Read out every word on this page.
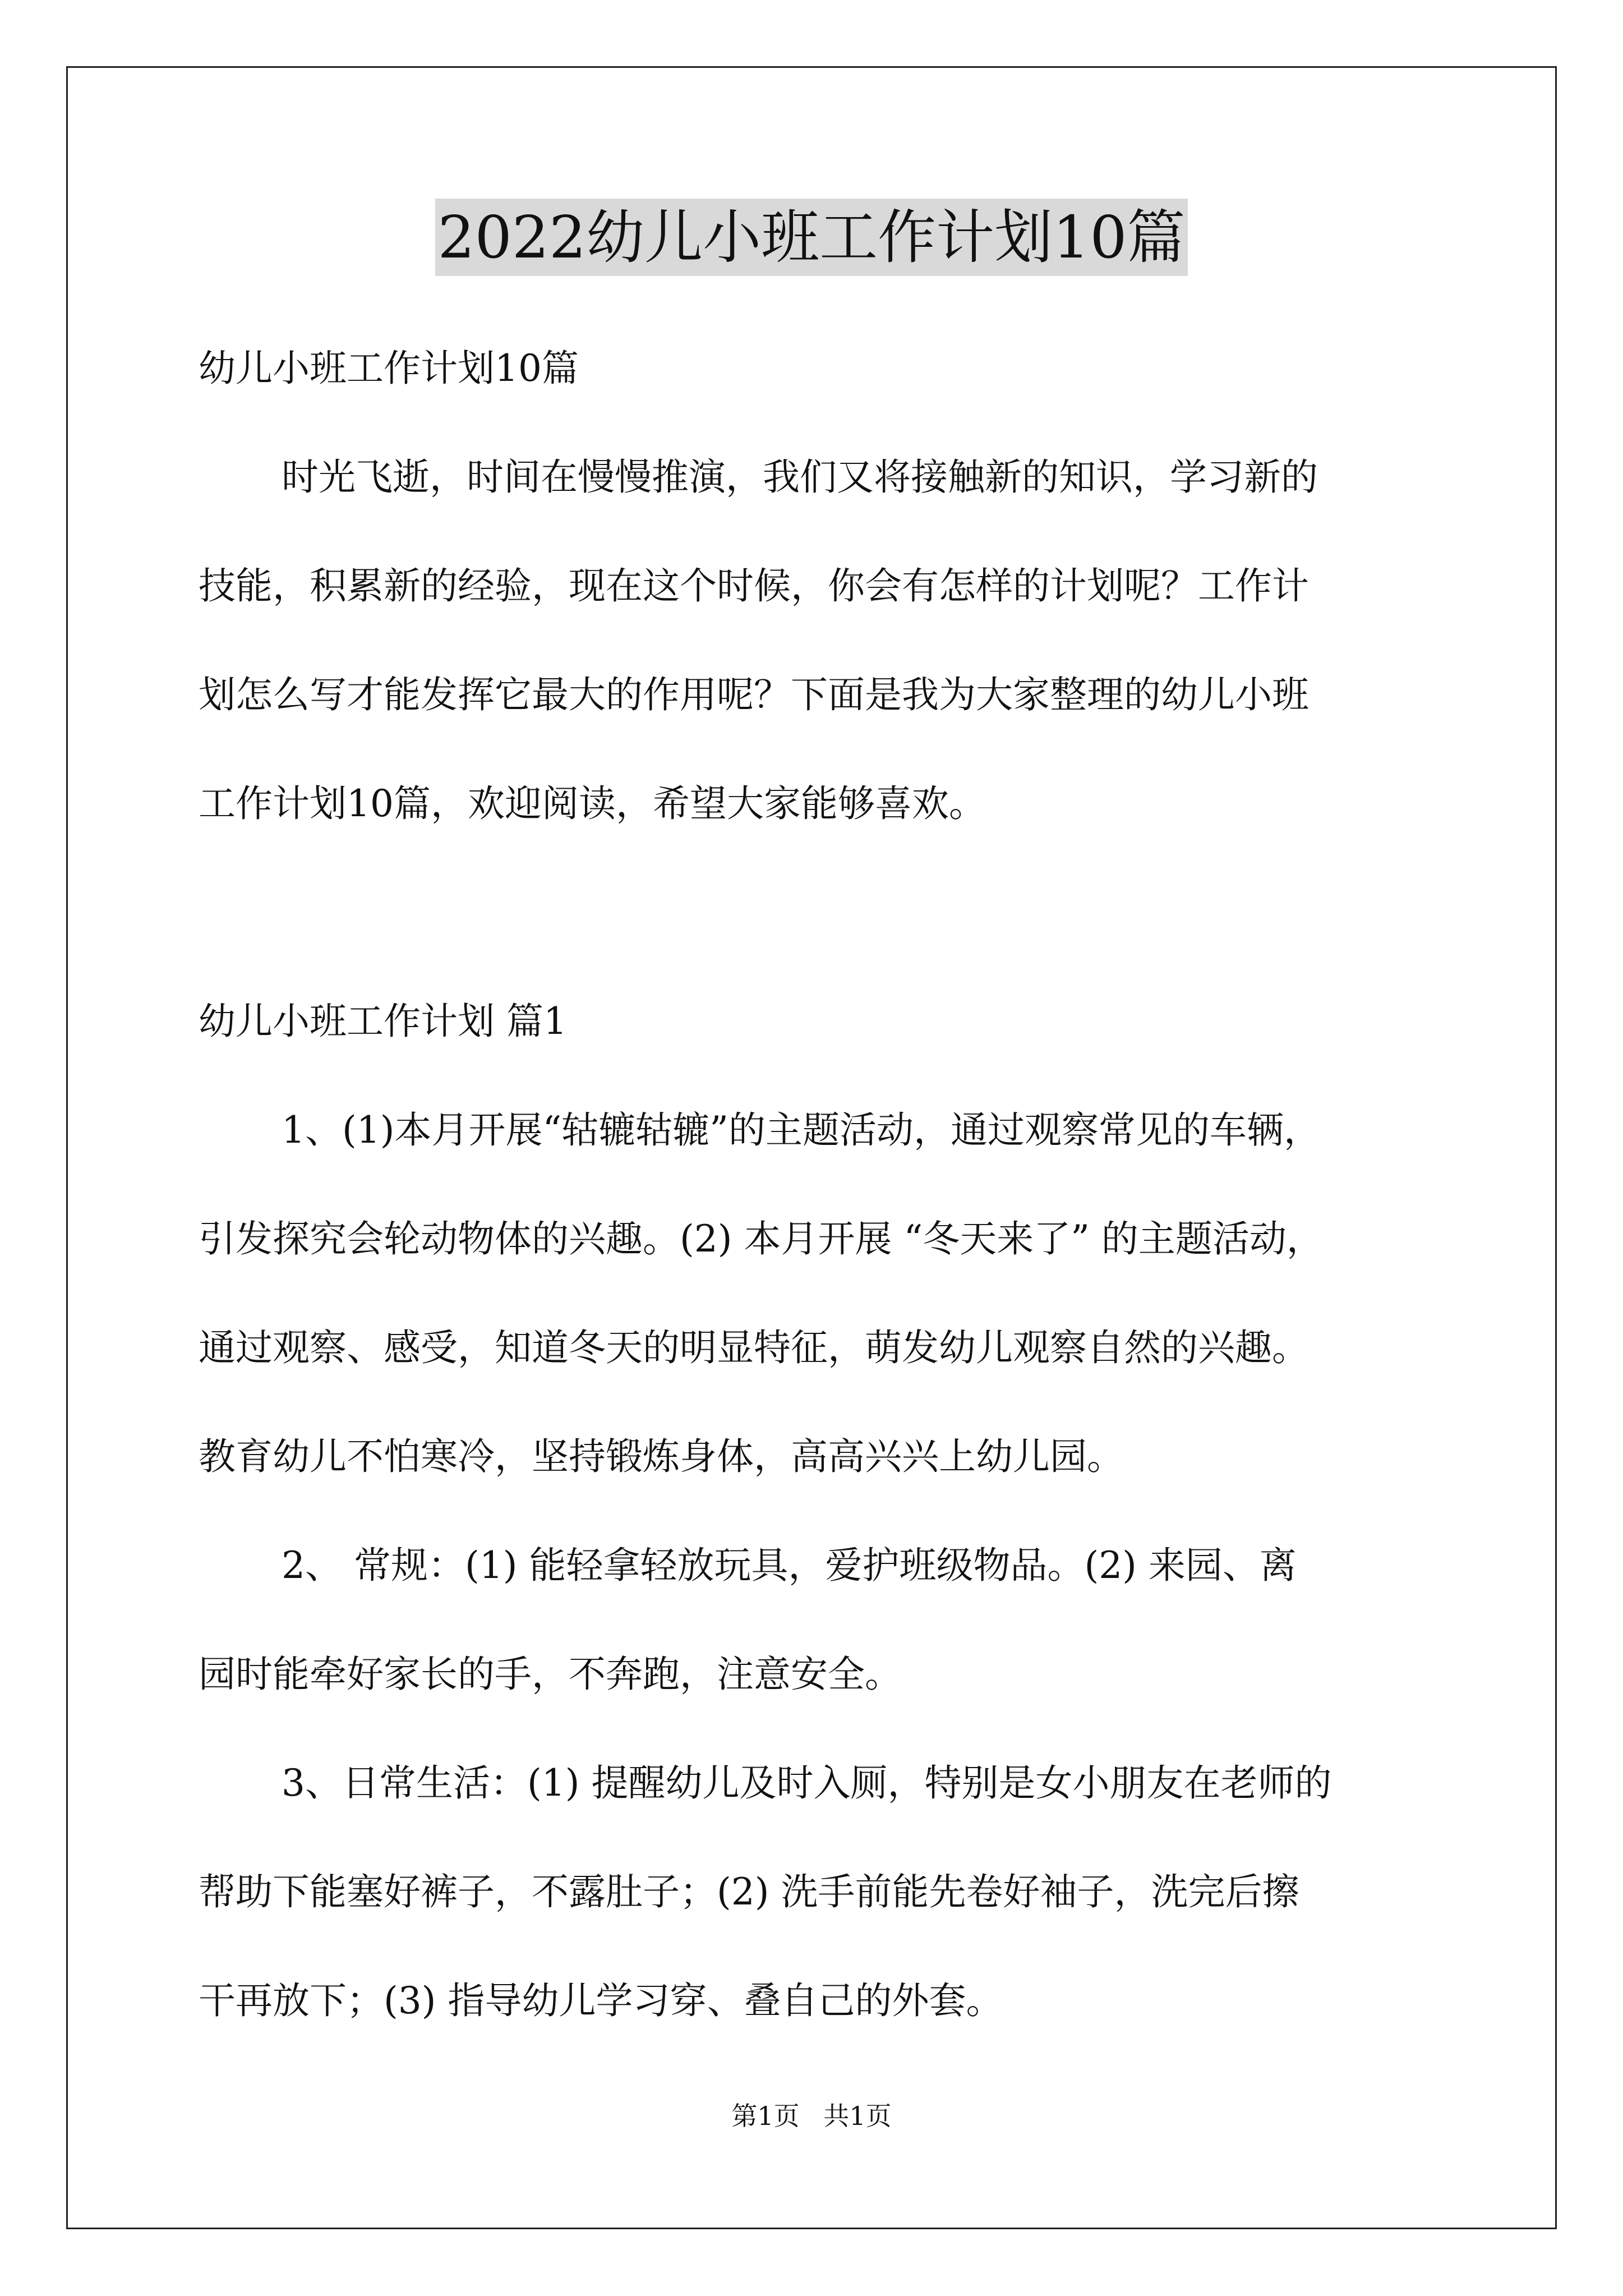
2022幼儿小班工作计划10篇

幼儿小班工作计划10篇

时光飞逝，时间在慢慢推演，我们又将接触新的知识，学习新的

技能，积累新的经验，现在这个时候，你会有怎样的计划呢？工作计

划怎么写才能发挥它最大的作用呢？下面是我为大家整理的幼儿小班

工作计划10篇，欢迎阅读，希望大家能够喜欢。

幼儿小班工作计划 篇1

1、(1)本月开展“轱辘轱辘”的主题活动，通过观察常见的车辆，

引发探究会轮动物体的兴趣。(2) 本月开展 “冬天来了” 的主题活动，

通过观察、感受，知道冬天的明显特征，萌发幼儿观察自然的兴趣。

教育幼儿不怕寒冷，坚持锻炼身体，高高兴兴上幼儿园。

2、 常规：(1) 能轻拿轻放玩具，爱护班级物品。(2) 来园、离

园时能牵好家长的手，不奔跑，注意安全。

3、日常生活：(1) 提醒幼儿及时入厕，特别是女小朋友在老师的

帮助下能塞好裤子，不露肚子；(2) 洗手前能先卷好袖子，洗完后擦

干再放下；(3) 指导幼儿学习穿、叠自己的外套。

第1页 共1页
